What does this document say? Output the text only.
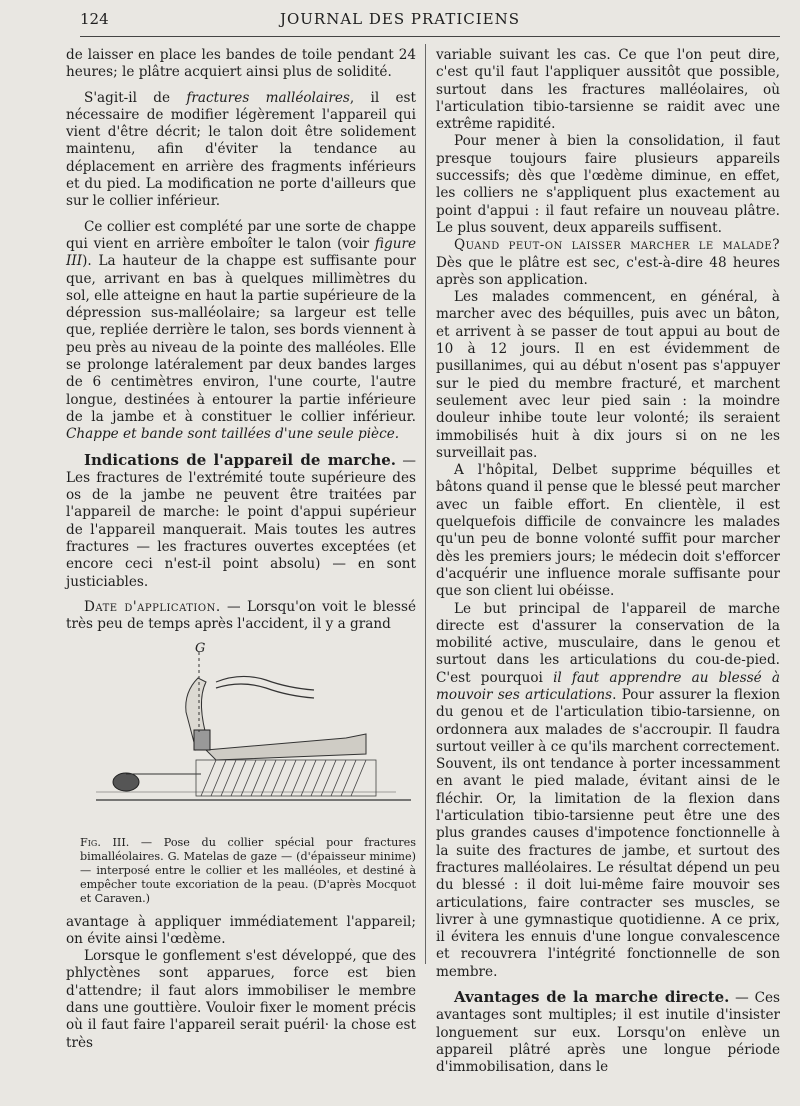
124	JOURNAL DES PRATICIENS

de laisser en place les bandes de toile pendant 24 heures; le plâtre acquiert ainsi plus de solidité.

S'agit-il de fractures malléolaires, il est nécessaire de modifier légèrement l'appareil qui vient d'être décrit; le talon doit être solidement maintenu, afin d'éviter la tendance au déplacement en arrière des fragments inférieurs et du pied. La modification ne porte d'ailleurs que sur le collier inférieur.

Ce collier est complété par une sorte de chappe qui vient en arrière emboîter le talon (voir figure III). La hauteur de la chappe est suffisante pour que, arrivant en bas à quelques millimètres du sol, elle atteigne en haut la partie supérieure de la dépression sus-malléolaire; sa largeur est telle que, repliée derrière le talon, ses bords viennent à peu près au niveau de la pointe des malléoles. Elle se prolonge latéralement par deux bandes larges de 6 centimètres environ, l'une courte, l'autre longue, destinées à entourer la partie inférieure de la jambe et à constituer le collier inférieur. Chappe et bande sont taillées d'une seule pièce.

Indications de l'appareil de marche. — Les fractures de l'extrémité toute supérieure des os de la jambe ne peuvent être traitées par l'appareil de marche: le point d'appui supérieur de l'appareil manquerait. Mais toutes les autres fractures — les fractures ouvertes exceptées (et encore ceci n'est-il point absolu) — en sont justiciables.

Date d'application. — Lorsqu'on voit le blessé très peu de temps après l'accident, il y a grand

G
Fig. III. — Pose du collier spécial pour fractures bimalléolaires. G. Matelas de gaze — (d'épaisseur minime) — interposé entre le collier et les malléoles, et destiné à empêcher toute excoriation de la peau. (D'après Mocquot et Caraven.)

avantage à appliquer immédiatement l'appareil; on évite ainsi l'œdème.

Lorsque le gonflement s'est développé, que des phlyctènes sont apparues, force est bien d'attendre; il faut alors immobiliser le membre dans une gouttière. Vouloir fixer le moment précis où il faut faire l'appareil serait puéril· la chose est très

variable suivant les cas. Ce que l'on peut dire, c'est qu'il faut l'appliquer aussitôt que possible, surtout dans les fractures malléolaires, où l'articulation tibio-tarsienne se raidit avec une extrême rapidité.

Pour mener à bien la consolidation, il faut presque toujours faire plusieurs appareils successifs; dès que l'œdème diminue, en effet, les colliers ne s'appliquent plus exactement au point d'appui : il faut refaire un nouveau plâtre. Le plus souvent, deux appareils suffisent.

Quand peut-on laisser marcher le malade? Dès que le plâtre est sec, c'est-à-dire 48 heures après son application.

Les malades commencent, en général, à marcher avec des béquilles, puis avec un bâton, et arrivent à se passer de tout appui au bout de 10 à 12 jours. Il en est évidemment de pusillanimes, qui au début n'osent pas s'appuyer sur le pied du membre fracturé, et marchent seulement avec leur pied sain : la moindre douleur inhibe toute leur volonté; ils seraient immobilisés huit à dix jours si on ne les surveillait pas.

A l'hôpital, Delbet supprime béquilles et bâtons quand il pense que le blessé peut marcher avec un faible effort. En clientèle, il est quelquefois difficile de convaincre les malades qu'un peu de bonne volonté suffit pour marcher dès les premiers jours; le médecin doit s'efforcer d'acquérir une influence morale suffisante pour que son client lui obéisse.

Le but principal de l'appareil de marche directe est d'assurer la conservation de la mobilité active, musculaire, dans le genou et surtout dans les articulations du cou-de-pied. C'est pourquoi il faut apprendre au blessé à mouvoir ses articulations. Pour assurer la flexion du genou et de l'articulation tibio-tarsienne, on ordonnera aux malades de s'accroupir. Il faudra surtout veiller à ce qu'ils marchent correctement. Souvent, ils ont tendance à porter incessamment en avant le pied malade, évitant ainsi de le fléchir. Or, la limitation de la flexion dans l'articulation tibio-tarsienne peut être une des plus grandes causes d'impotence fonctionnelle à la suite des fractures de jambe, et surtout des fractures malléolaires. Le résultat dépend un peu du blessé : il doit lui-même faire mouvoir ses articulations, faire contracter ses muscles, se livrer à une gymnastique quotidienne. A ce prix, il évitera les ennuis d'une longue convalescence et recouvrera l'intégrité fonctionnelle de son membre.

Avantages de la marche directe. — Ces avantages sont multiples; il est inutile d'insister longuement sur eux. Lorsqu'on enlève un appareil plâtré après une longue période d'immobilisation, dans le
